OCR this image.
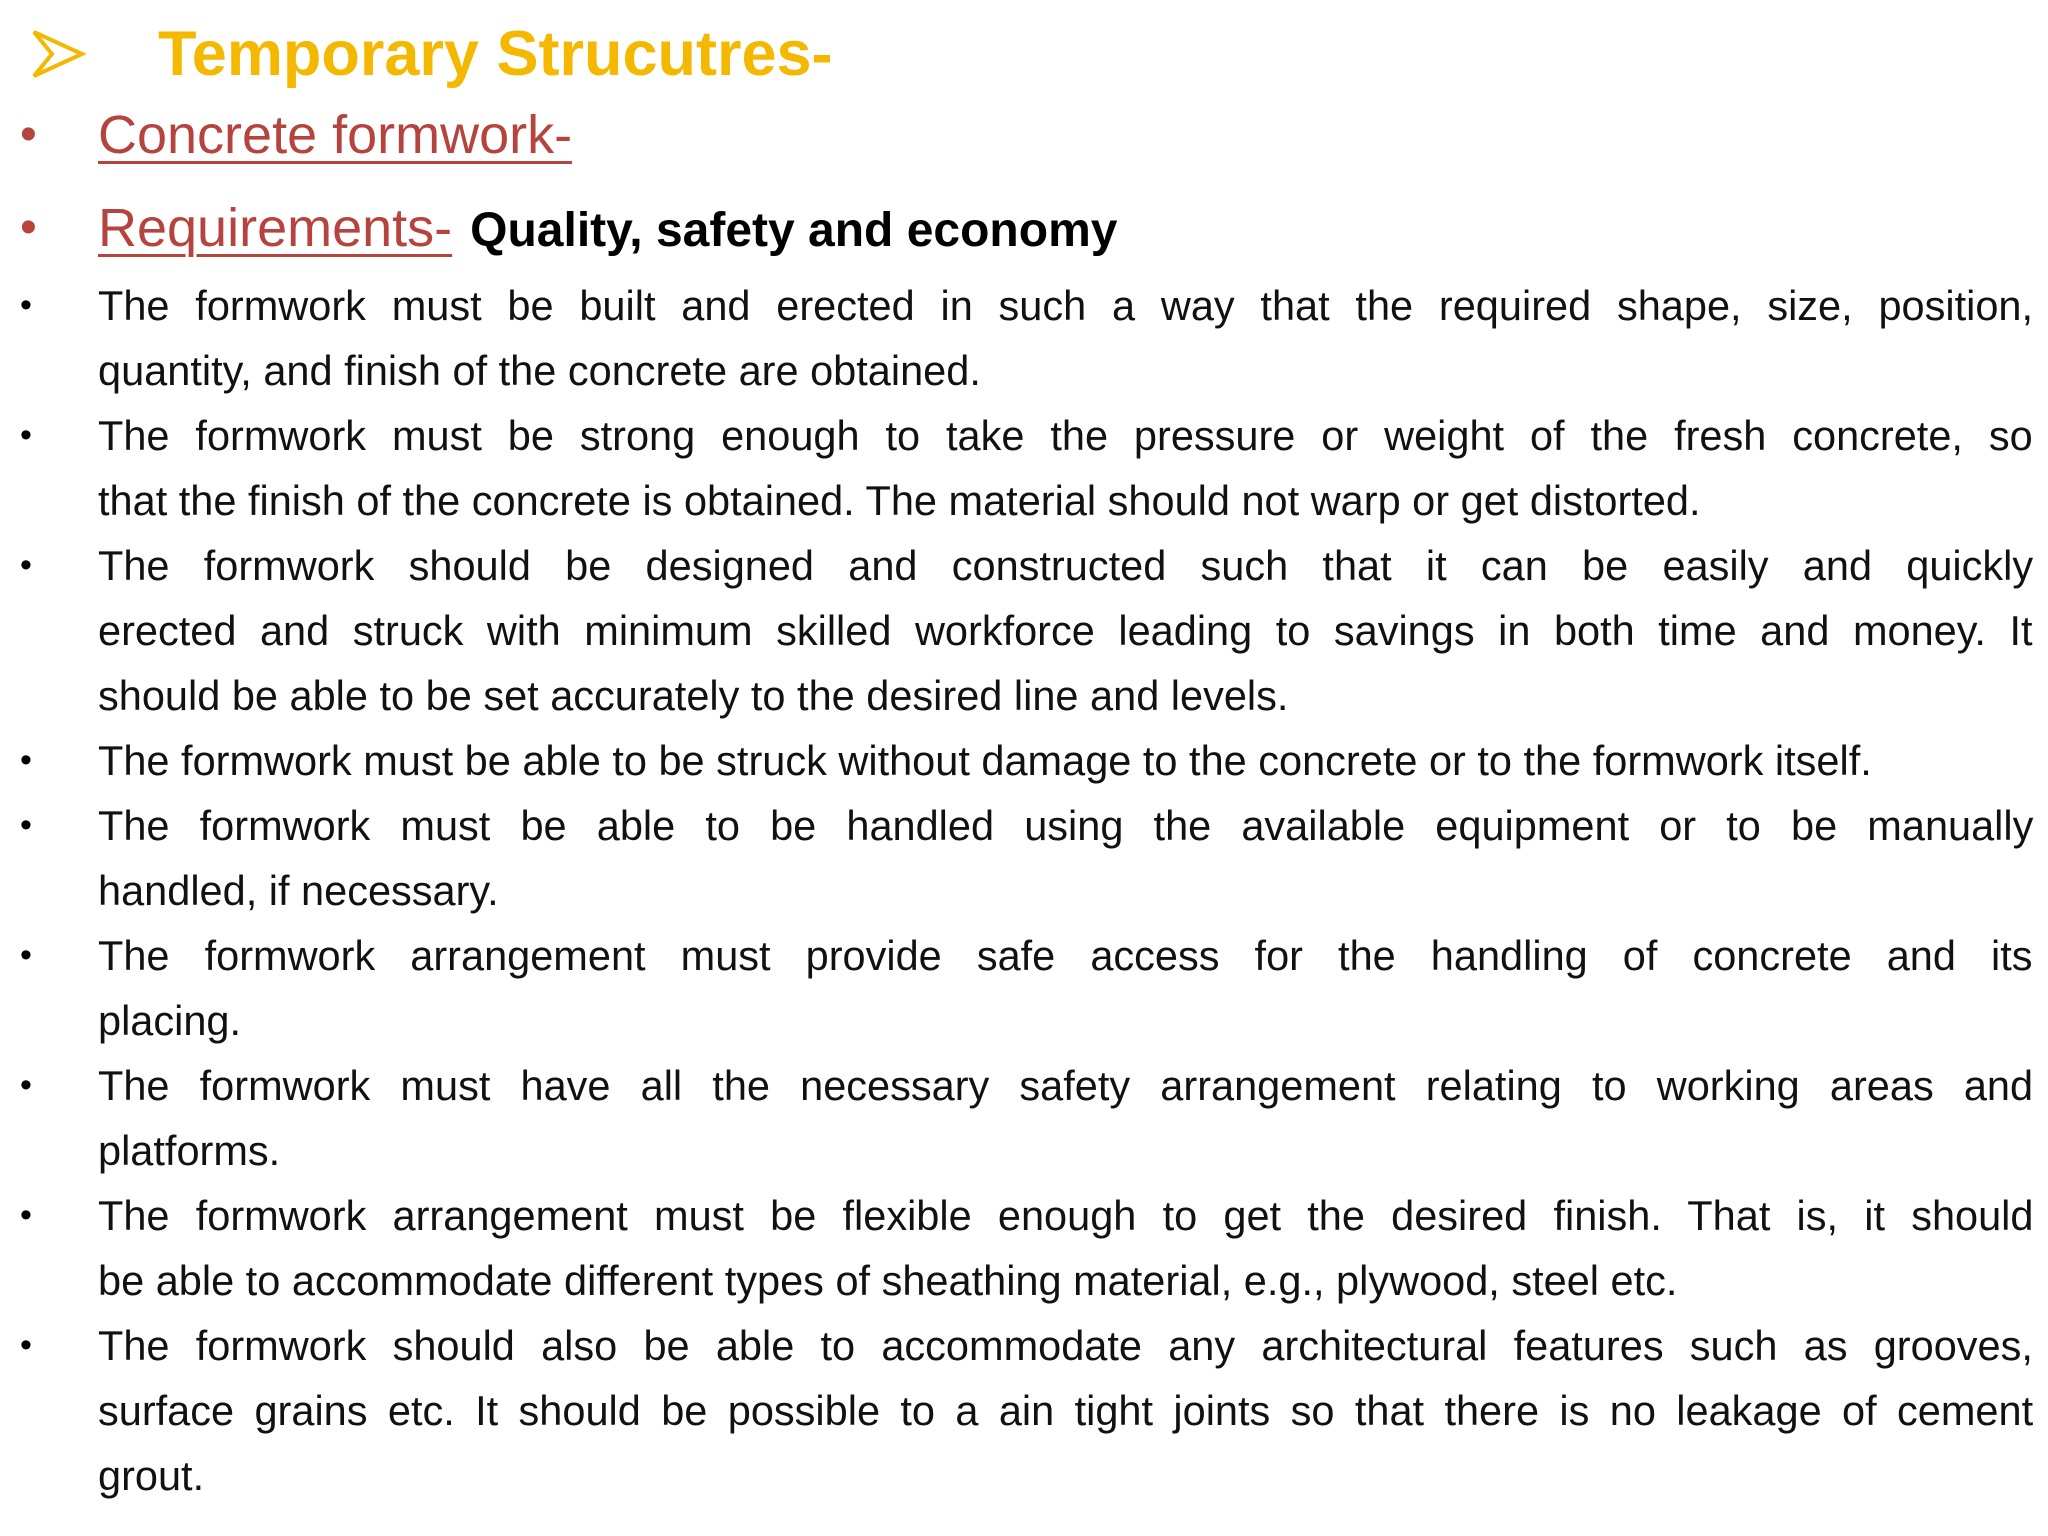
Temporary Strucutres-
•	Concrete formwork-
•	Requirements- Quality, safety and economy
•	The formwork must be built and erected in such a way that the required shape, size, position,
quantity, and finish of the concrete are obtained.
•	The formwork must be strong enough to take the pressure or weight of the fresh concrete, so
that the finish of the concrete is obtained. The material should not warp or get distorted.
•	The formwork should be designed and constructed such that it can be easily and quickly
erected and struck with minimum skilled workforce leading to savings in both time and money. It
should be able to be set accurately to the desired line and levels.
•	The formwork must be able to be struck without damage to the concrete or to the formwork itself.
•	The formwork must be able to be handled using the available equipment or to be manually
handled, if necessary.
•	The formwork arrangement must provide safe access for the handling of concrete and its
placing.
•	The formwork must have all the necessary safety arrangement relating to working areas and
platforms.
•	The formwork arrangement must be flexible enough to get the desired finish. That is, it should
be able to accommodate different types of sheathing material, e.g., plywood, steel etc.
•	The formwork should also be able to accommodate any architectural features such as grooves,
surface grains etc. It should be possible to a ain tight joints so that there is no leakage of cement
grout.
